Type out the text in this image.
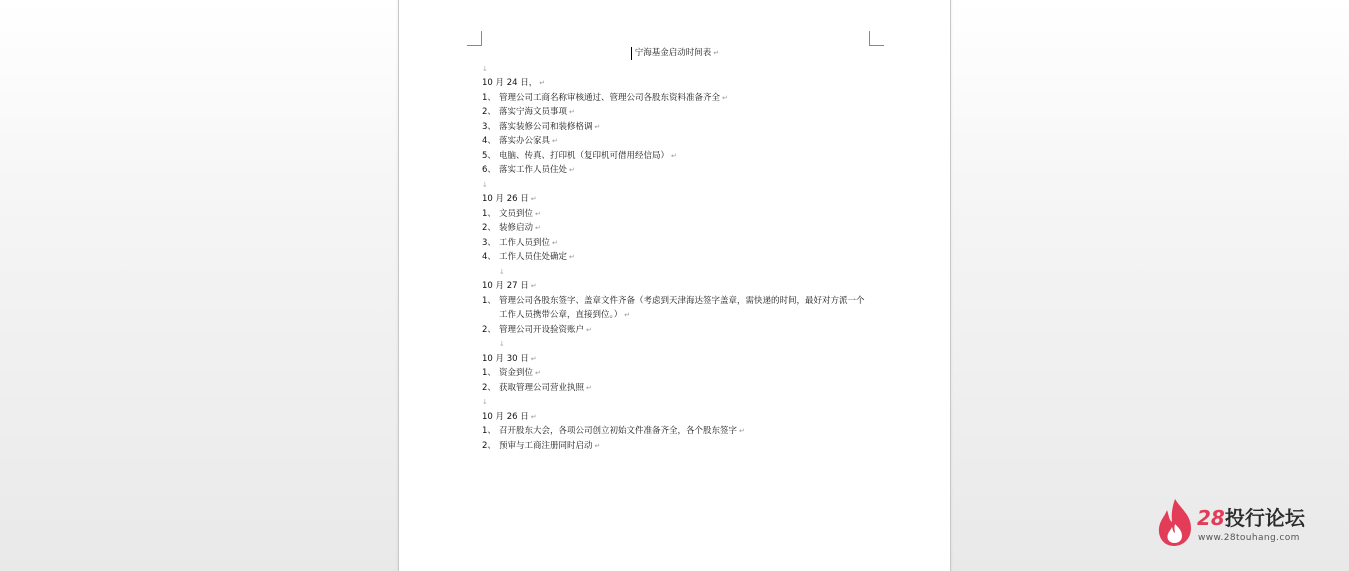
宁海基金启动时间表 ↵
↓
10 月 24 日， ↵
1、 管理公司工商名称审核通过、管理公司各股东资料准备齐全 ↵
2、 落实宁海文员事项 ↵
3、 落实装修公司和装修格调 ↵
4、 落实办公家具 ↵
5、 电脑、传真、打印机（复印机可借用经信局） ↵
6、 落实工作人员住处 ↵
↓
10 月 26 日 ↵
1、 文员到位 ↵
2、 装修启动 ↵
3、 工作人员到位 ↵
4、 工作人员住处确定 ↵
↓
10 月 27 日 ↵
1、 管理公司各股东签字、盖章文件齐备（考虑到天津海达签字盖章，需快递的时间，最好对方派一个工作人员携带公章，直接到位。） ↵
2、 管理公司开设验资账户 ↵
↓
10 月 30 日 ↵
1、 资金到位 ↵
2、 获取管理公司营业执照 ↵
↓
10 月 26 日 ↵
1、 召开股东大会，各项公司创立初始文件准备齐全，各个股东签字 ↵
2、 预审与工商注册同时启动 ↵
28投行论坛
www.28touhang.com
